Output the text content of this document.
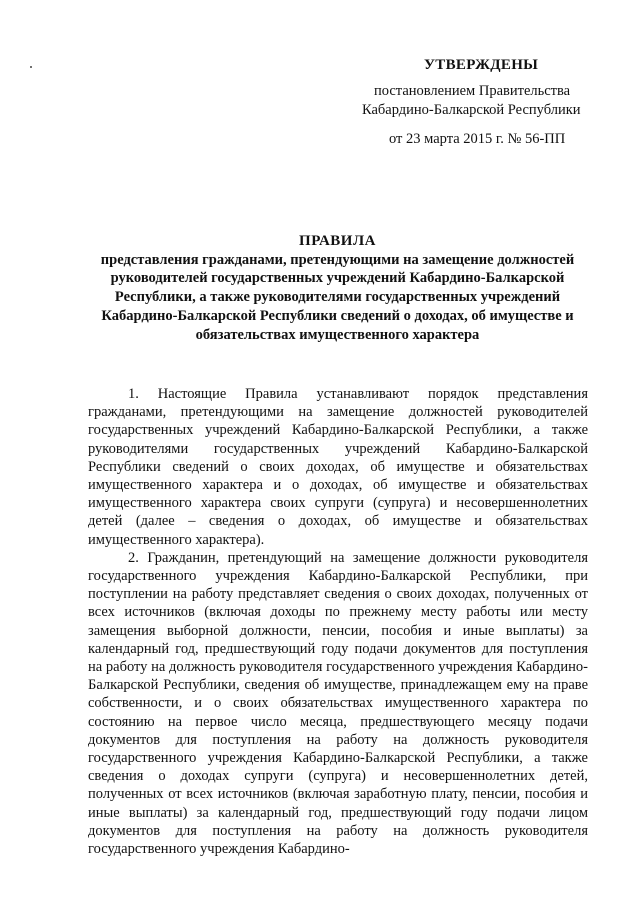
УТВЕРЖДЕНЫ
постановлением Правительства
Кабардино-Балкарской Республики
от 23 марта 2015 г. № 56-ПП
ПРАВИЛА
представления гражданами, претендующими на замещение должностей руководителей государственных учреждений Кабардино-Балкарской Республики, а также руководителями государственных учреждений Кабардино-Балкарской Республики сведений о доходах, об имуществе и обязательствах имущественного характера

1. Настоящие Правила устанавливают порядок представления гражданами, претендующими на замещение должностей руководителей государственных учреждений Кабардино-Балкарской Республики, а также руководителями государственных учреждений Кабардино-Балкарской Республики сведений о своих доходах, об имуществе и обязательствах имущественного характера и о доходах, об имуществе и обязательствах имущественного характера своих супруги (супруга) и несовершеннолетних детей (далее – сведения о доходах, об имуществе и обязательствах имущественного характера).

2. Гражданин, претендующий на замещение должности руководителя государственного учреждения Кабардино-Балкарской Республики, при поступлении на работу представляет сведения о своих доходах, полученных от всех источников (включая доходы по прежнему месту работы или месту замещения выборной должности, пенсии, пособия и иные выплаты) за календарный год, предшествующий году подачи документов для поступления на работу на должность руководителя государственного учреждения Кабардино-Балкарской Республики, сведения об имуществе, принадлежащем ему на праве собственности, и о своих обязательствах имущественного характера по состоянию на первое число месяца, предшествующего месяцу подачи документов для поступления на работу на должность руководителя государственного учреждения Кабардино-Балкарской Республики, а также сведения о доходах супруги (супруга) и несовершеннолетних детей, полученных от всех источников (включая заработную плату, пенсии, пособия и иные выплаты) за календарный год, предшествующий году подачи лицом документов для поступления на работу на должность руководителя государственного учреждения Кабардино-
